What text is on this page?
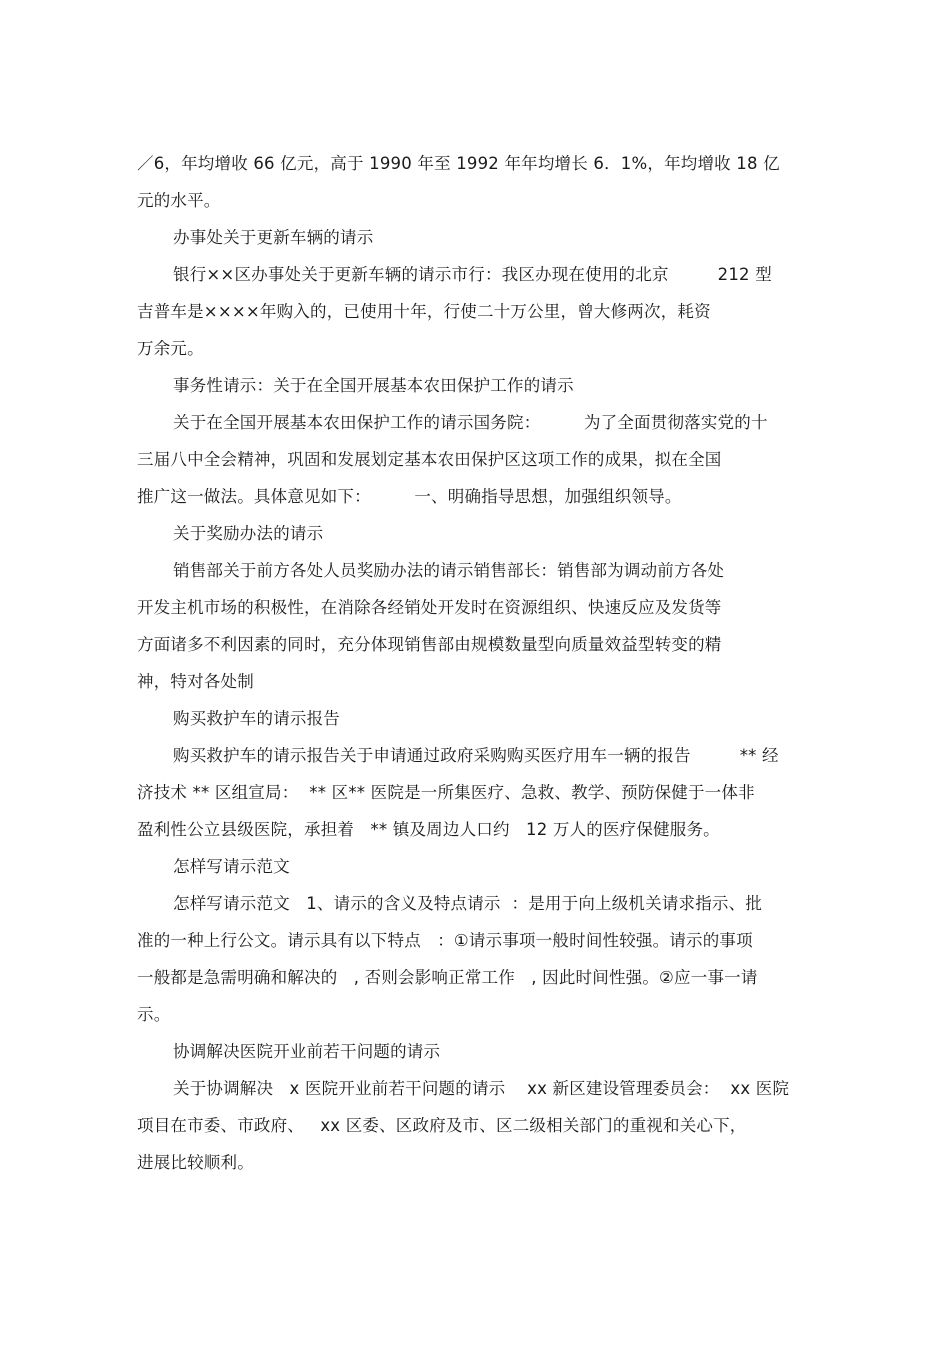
／6，年均增收 66 亿元，高于 1990 年至 1992 年年均增长 6．1%，年均增收 18 亿
元的水平。
办事处关于更新车辆的请示
银行××区办事处关于更新车辆的请示市行：我区办现在使用的北京         212 型
吉普车是××××年购入的，已使用十年，行使二十万公里，曾大修两次，耗资
万余元。
事务性请示：关于在全国开展基本农田保护工作的请示
关于在全国开展基本农田保护工作的请示国务院：        为了全面贯彻落实党的十
三届八中全会精神，巩固和发展划定基本农田保护区这项工作的成果，拟在全国
推广这一做法。具体意见如下：        一、明确指导思想，加强组织领导。
关于奖励办法的请示
销售部关于前方各处人员奖励办法的请示销售部长：销售部为调动前方各处
开发主机市场的积极性，在消除各经销处开发时在资源组织、快速反应及发货等
方面诸多不利因素的同时，充分体现销售部由规模数量型向质量效益型转变的精
神，特对各处制
购买救护车的请示报告
购买救护车的请示报告关于申请通过政府采购购买医疗用车一辆的报告         ** 经
济技术 ** 区组宣局：  ** 区** 医院是一所集医疗、急救、教学、预防保健于一体非
盈利性公立县级医院，承担着   ** 镇及周边人口约   12 万人的医疗保健服务。
怎样写请示范文
怎样写请示范文   1、请示的含义及特点请示  ：是用于向上级机关请求指示、批
准的一种上行公文。请示具有以下特点   ：①请示事项一般时间性较强。请示的事项
一般都是急需明确和解决的   , 否则会影响正常工作   , 因此时间性强。②应一事一请
示。
协调解决医院开业前若干问题的请示
关于协调解决   x 医院开业前若干问题的请示    xx 新区建设管理委员会：  xx 医院
项目在市委、市政府、   xx 区委、区政府及市、区二级相关部门的重视和关心下，
进展比较顺利。
